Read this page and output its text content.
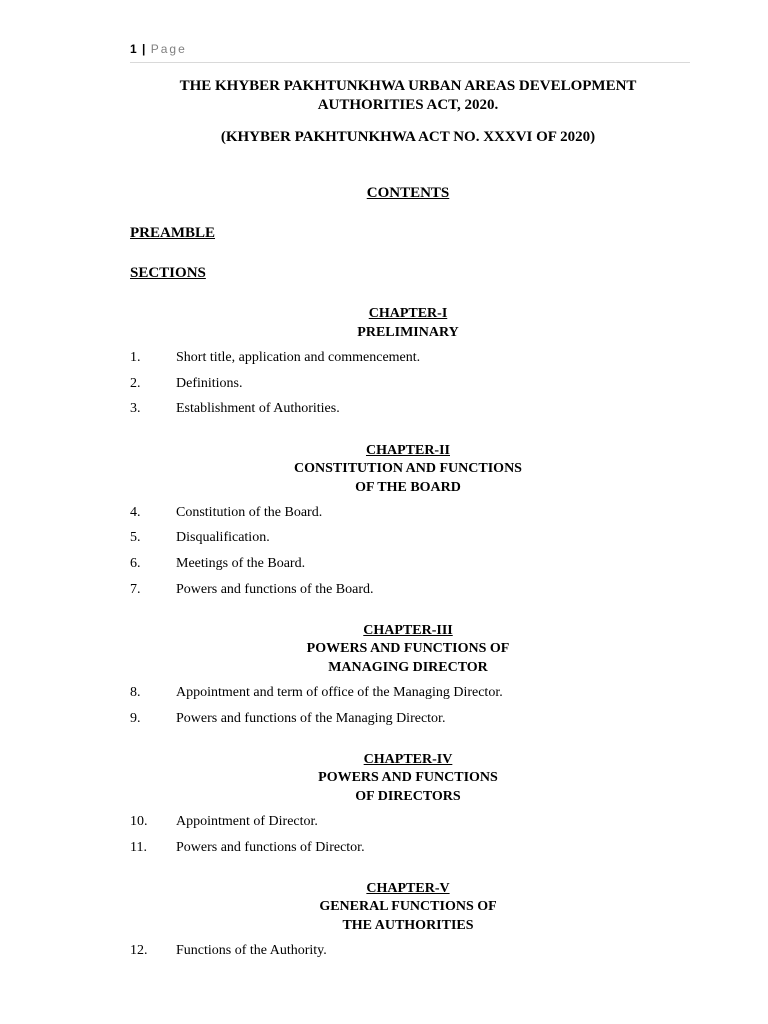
1 | Page
THE KHYBER PAKHTUNKHWA URBAN AREAS DEVELOPMENT
AUTHORITIES ACT, 2020.
(KHYBER PAKHTUNKHWA ACT NO. XXXVI OF 2020)
CONTENTS
PREAMBLE
SECTIONS
CHAPTER-I
PRELIMINARY
1.	Short title, application and commencement.
2.	Definitions.
3.	Establishment of Authorities.
CHAPTER-II
CONSTITUTION AND FUNCTIONS
OF THE BOARD
4.	Constitution of the Board.
5.	Disqualification.
6.	Meetings of the Board.
7.	Powers and functions of the Board.
CHAPTER-III
POWERS AND FUNCTIONS OF
MANAGING DIRECTOR
8.	Appointment and term of office of the Managing Director.
9.	Powers and functions of the Managing Director.
CHAPTER-IV
POWERS AND FUNCTIONS
OF DIRECTORS
10. Appointment of Director.
11. Powers and functions of Director.
CHAPTER-V
GENERAL FUNCTIONS OF
THE AUTHORITIES
12. Functions of the Authority.
